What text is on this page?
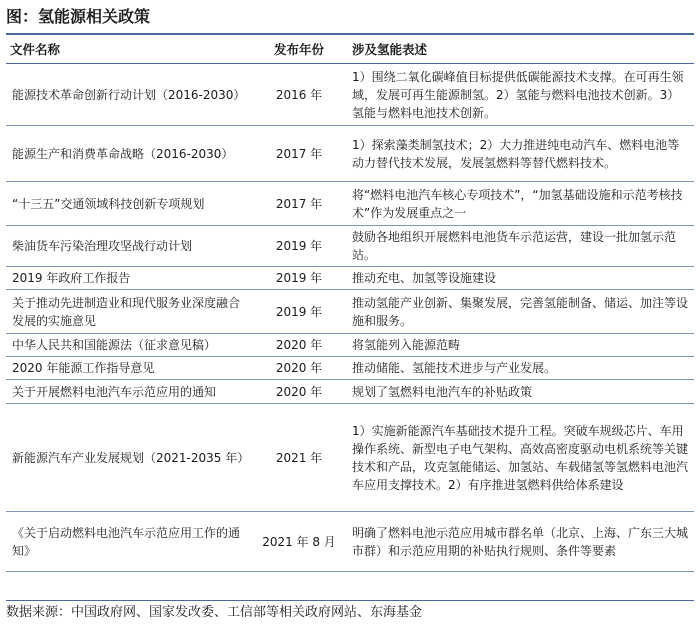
图：氢能源相关政策
文件名称	发布年份	涉及氢能表述
能源技术革命创新行动计划（2016-2030）	2016 年	1）围绕二氧化碳峰值目标提供低碳能源技术支撑。在可再生领域，发展可再生能源制氢。2）氢能与燃料电池技术创新。3）氢能与燃料电池技术创新。
能源生产和消费革命战略（2016-2030）	2017 年	1）探索藻类制氢技术；2）大力推进纯电动汽车、燃料电池等动力替代技术发展，发展氢燃料等替代燃料技术。
“十三五”交通领域科技创新专项规划	2017 年	将“燃料电池汽车核心专项技术”，“加氢基础设施和示范考核技术”作为发展重点之一
柴油货车污染治理攻坚战行动计划	2019 年	鼓励各地组织开展燃料电池货车示范运营，建设一批加氢示范站。
2019 年政府工作报告	2019 年	推动充电、加氢等设施建设
关于推动先进制造业和现代服务业深度融合发展的实施意见	2019 年	推动氢能产业创新、集聚发展，完善氢能制备、储运、加注等设施和服务。
中华人民共和国能源法（征求意见稿）	2020 年	将氢能列入能源范畴
2020 年能源工作指导意见	2020 年	推动储能、氢能技术进步与产业发展。
关于开展燃料电池汽车示范应用的通知	2020 年	规划了氢燃料电池汽车的补贴政策
新能源汽车产业发展规划（2021-2035 年）	2021 年	1）实施新能源汽车基础技术提升工程。突破车规级芯片、车用操作系统、新型电子电气架构、高效高密度驱动电机系统等关键技术和产品，攻克氢能储运、加氢站、车载储氢等氢燃料电池汽车应用支撑技术。2）有序推进氢燃料供给体系建设
《关于启动燃料电池汽车示范应用工作的通知》	2021 年 8 月	明确了燃料电池示范应用城市群名单（北京、上海、广东三大城市群）和示范应用期的补贴执行规则、条件等要素
数据来源：中国政府网、国家发改委、工信部等相关政府网站、东海基金
